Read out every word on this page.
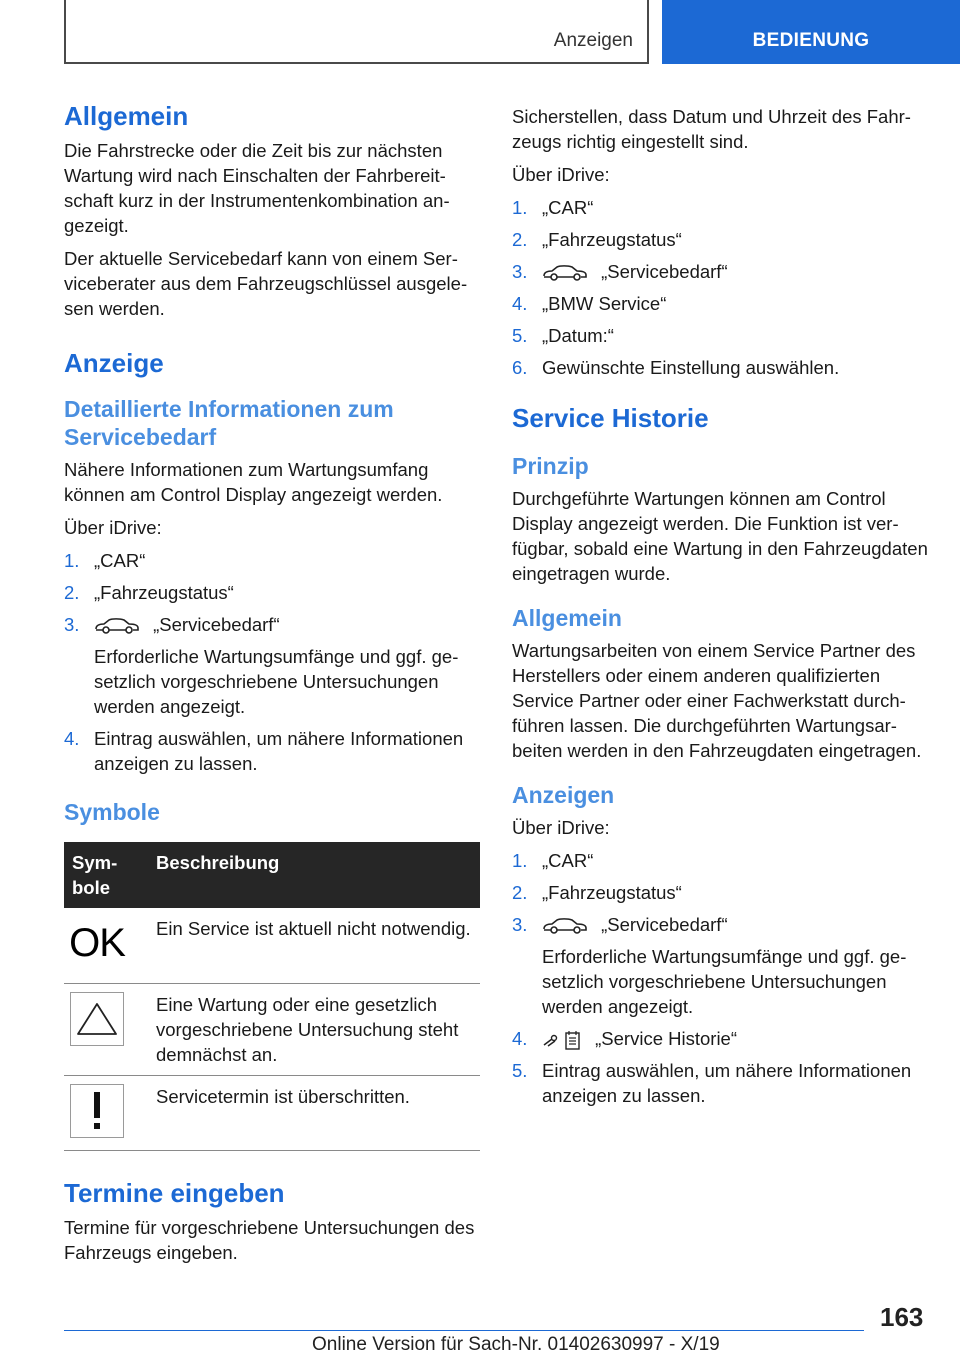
Anzeigen	BEDIENUNG
Allgemein

Die Fahrstrecke oder die Zeit bis zur nächsten Wartung wird nach Einschalten der Fahrbereitschaft kurz in der Instrumentenkombination angezeigt.

Der aktuelle Servicebedarf kann von einem Serviceberater aus dem Fahrzeugschlüssel ausgelesen werden.

Anzeige
Detaillierte Informationen zum Servicebedarf

Nähere Informationen zum Wartungsumfang können am Control Display angezeigt werden.

Über iDrive:

1. „CAR“
2. „Fahrzeugstatus“
3.	„Servicebedarf“
Erforderliche Wartungsumfänge und ggf. gesetzlich vorgeschriebene Untersuchungen werden angezeigt.
4. Eintrag auswählen, um nähere Informationen anzeigen zu lassen.
Symbole
Symbole	Beschreibung

OK	Ein Service ist aktuell nicht notwendig.

	Eine Wartung oder eine gesetzlich vorgeschriebene Untersuchung steht demnächst an.

	Servicetermin ist überschritten.
Termine eingeben

Termine für vorgeschriebene Untersuchungen des Fahrzeugs eingeben.

Sicherstellen, dass Datum und Uhrzeit des Fahrzeugs richtig eingestellt sind.

Über iDrive:

1. „CAR“
2. „Fahrzeugstatus“
3.	„Servicebedarf“
4. „BMW Service“
5. „Datum:“
6. Gewünschte Einstellung auswählen.
Service Historie
Prinzip

Durchgeführte Wartungen können am Control Display angezeigt werden. Die Funktion ist verfügbar, sobald eine Wartung in den Fahrzeugdaten eingetragen wurde.

Allgemein

Wartungsarbeiten von einem Service Partner des Herstellers oder einem anderen qualifizierten Service Partner oder einer Fachwerkstatt durchführen lassen. Die durchgeführten Wartungsarbeiten werden in den Fahrzeugdaten eingetragen.

Anzeigen

Über iDrive:

1. „CAR“
2. „Fahrzeugstatus“
3.	„Servicebedarf“
Erforderliche Wartungsumfänge und ggf. gesetzlich vorgeschriebene Untersuchungen werden angezeigt.
4.	„Service Historie“
5. Eintrag auswählen, um nähere Informationen anzeigen zu lassen.
163
Online Version für Sach-Nr. 01402630997 - X/19
